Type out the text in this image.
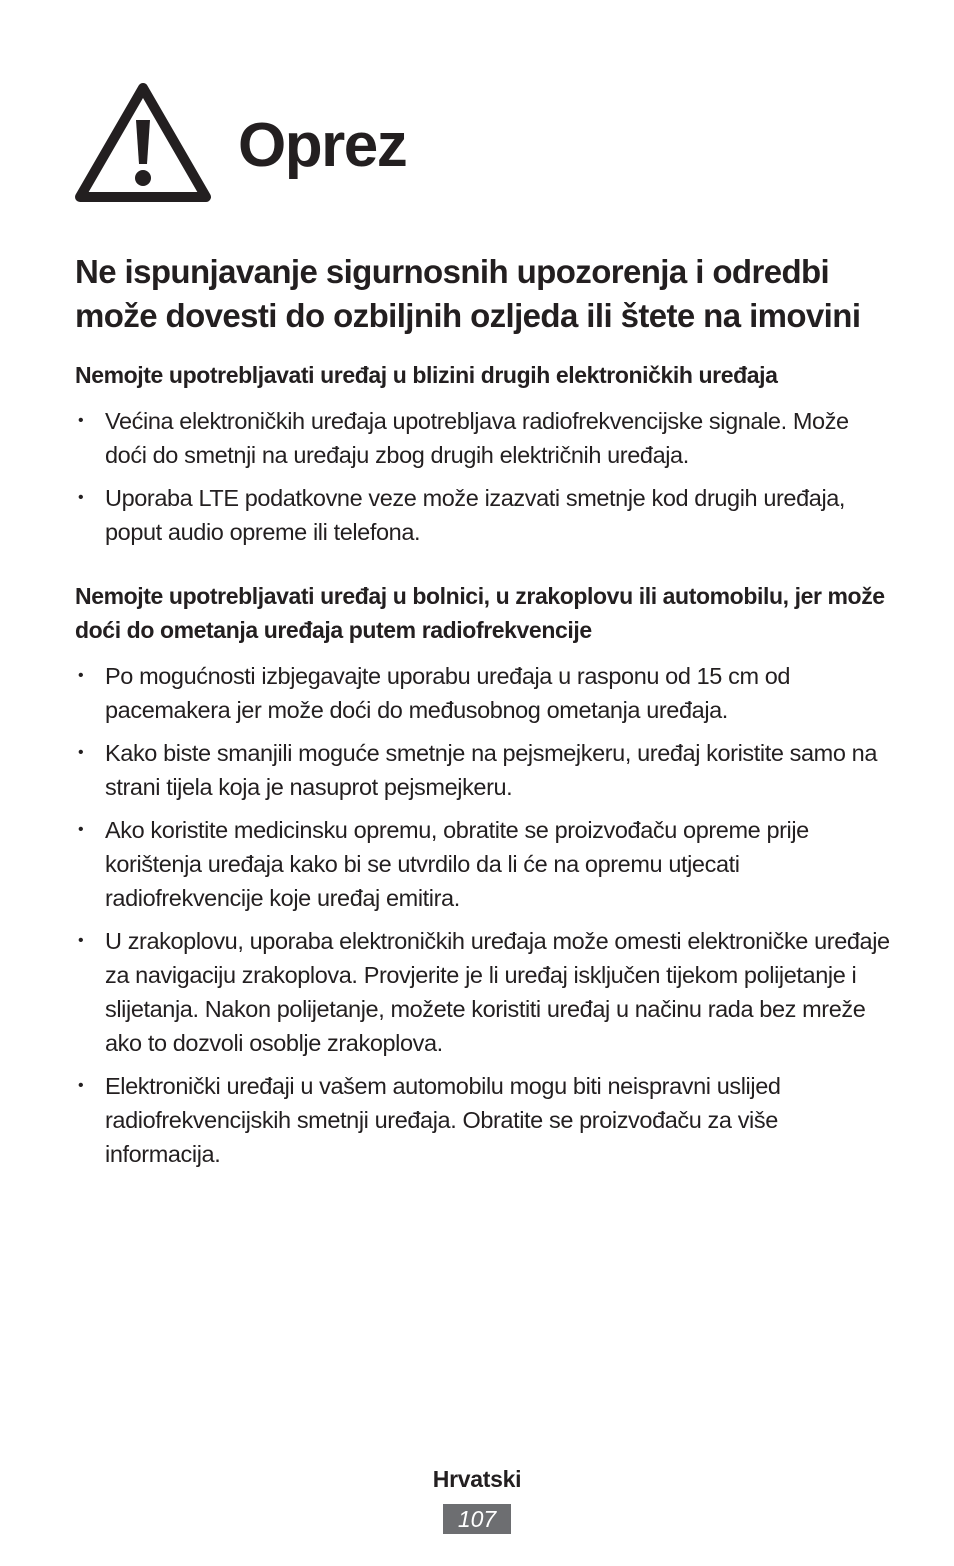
Oprez
Ne ispunjavanje sigurnosnih upozorenja i odredbi može dovesti do ozbiljnih ozljeda ili štete na imovini
Nemojte upotrebljavati uređaj u blizini drugih elektroničkih uređaja
• Većina elektroničkih uređaja upotrebljava radiofrekvencijske signale. Može doći do smetnji na uređaju zbog drugih električnih uređaja.
• Uporaba LTE podatkovne veze može izazvati smetnje kod drugih uređaja, poput audio opreme ili telefona.
Nemojte upotrebljavati uređaj u bolnici, u zrakoplovu ili automobilu, jer može doći do ometanja uređaja putem radiofrekvencije
• Po mogućnosti izbjegavajte uporabu uređaja u rasponu od 15 cm od pacemakera jer može doći do međusobnog ometanja uređaja.
• Kako biste smanjili moguće smetnje na pejsmejkeru, uređaj koristite samo na strani tijela koja je nasuprot pejsmejkeru.
• Ako koristite medicinsku opremu, obratite se proizvođaču opreme prije korištenja uređaja kako bi se utvrdilo da li će na opremu utjecati radiofrekvencije koje uređaj emitira.
• U zrakoplovu, uporaba elektroničkih uređaja može omesti elektroničke uređaje za navigaciju zrakoplova. Provjerite je li uređaj isključen tijekom polijetanje i slijetanja. Nakon polijetanje, možete koristiti uređaj u načinu rada bez mreže ako to dozvoli osoblje zrakoplova.
• Elektronički uređaji u vašem automobilu mogu biti neispravni uslijed radiofrekvencijskih smetnji uređaja. Obratite se proizvođaču za više informacija.
Hrvatski
107
